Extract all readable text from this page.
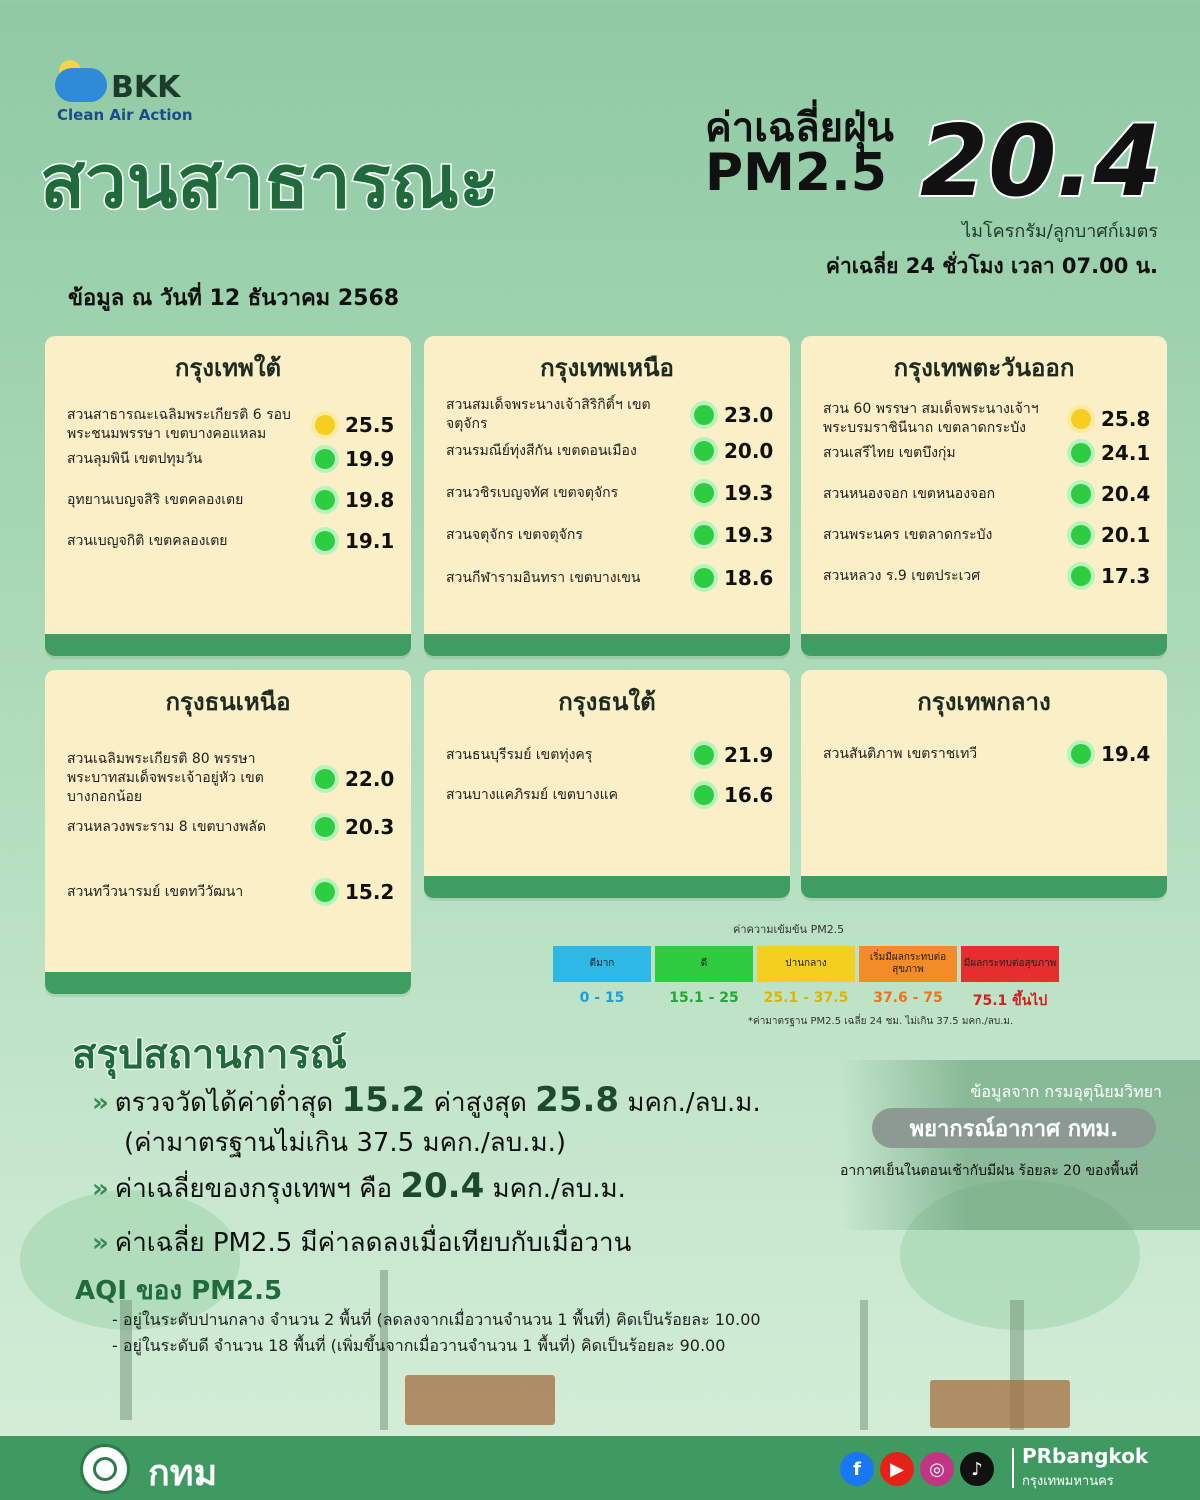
BKK
Clean Air Action
สวนสาธารณะ
ค่าเฉลี่ยฝุ่น
PM2.5 20.4
ไมโครกรัม/ลูกบาศก์เมตร
ค่าเฉลี่ย 24 ชั่วโมง เวลา 07.00 น.
ข้อมูล ณ วันที่ 12 ธันวาคม 2568
กรุงเทพใต้
สวนสาธารณะเฉลิมพระเกียรติ 6 รอบ พระชนมพรรษา เขตบางคอแหลม	25.5
สวนลุมพินี เขตปทุมวัน	19.9
อุทยานเบญจสิริ เขตคลองเตย	19.8
สวนเบญจกิติ เขตคลองเตย	19.1
กรุงเทพเหนือ
สวนสมเด็จพระนางเจ้าสิริกิติ์ฯ เขตจตุจักร	23.0
สวนรมณีย์ทุ่งสีกัน เขตดอนเมือง	20.0
สวนวชิรเบญจทัศ เขตจตุจักร	19.3
สวนจตุจักร เขตจตุจักร	19.3
สวนกีฬารามอินทรา เขตบางเขน	18.6
กรุงเทพตะวันออก
สวน 60 พรรษา สมเด็จพระนางเจ้าฯ พระบรมราชินีนาถ เขตลาดกระบัง	25.8
สวนเสรีไทย เขตบึงกุ่ม	24.1
สวนหนองจอก เขตหนองจอก	20.4
สวนพระนคร เขตลาดกระบัง	20.1
สวนหลวง ร.9 เขตประเวศ	17.3
กรุงธนเหนือ
สวนเฉลิมพระเกียรติ 80 พรรษา พระบาทสมเด็จพระเจ้าอยู่หัว เขตบางกอกน้อย
22.0
สวนหลวงพระราม 8 เขตบางพลัด	20.3
สวนทวีวนารมย์ เขตทวีวัฒนา	15.2
กรุงธนใต้
สวนธนบุรีรมย์ เขตทุ่งครุ	21.9
สวนบางแคภิรมย์ เขตบางแค	16.6
กรุงเทพกลาง
สวนสันติภาพ เขตราชเทวี	19.4
ค่าความเข้มข้น PM2.5
ดีมาก
0 - 15
ดี
15.1 - 25
ปานกลาง
25.1 - 37.5
เริ่มมีผลกระทบต่อสุขภาพ
37.6 - 75
มีผลกระทบต่อสุขภาพ
75.1 ขึ้นไป
*ค่ามาตรฐาน PM2.5 เฉลี่ย 24 ชม. ไม่เกิน 37.5 มคก./ลบ.ม.
สรุปสถานการณ์
» ตรวจวัดได้ค่าต่ำสุด 15.2 ค่าสูงสุด 25.8 มคก./ลบ.ม.
(ค่ามาตรฐานไม่เกิน 37.5 มคก./ลบ.ม.)
» ค่าเฉลี่ยของกรุงเทพฯ คือ 20.4 มคก./ลบ.ม.
» ค่าเฉลี่ย PM2.5 มีค่าลดลงเมื่อเทียบกับเมื่อวาน
AQI ของ PM2.5
- อยู่ในระดับปานกลาง จำนวน 2 พื้นที่ (ลดลงจากเมื่อวานจำนวน 1 พื้นที่) คิดเป็นร้อยละ 10.00
- อยู่ในระดับดี จำนวน 18 พื้นที่ (เพิ่มขึ้นจากเมื่อวานจำนวน 1 พื้นที่) คิดเป็นร้อยละ 90.00
ข้อมูลจาก กรมอุตุนิยมวิทยา
พยากรณ์อากาศ กทม.
อากาศเย็นในตอนเช้ากับมีฝน ร้อยละ 20 ของพื้นที่
กทม	f	▶	◎	♪
PRbangkok
กรุงเทพมหานคร
